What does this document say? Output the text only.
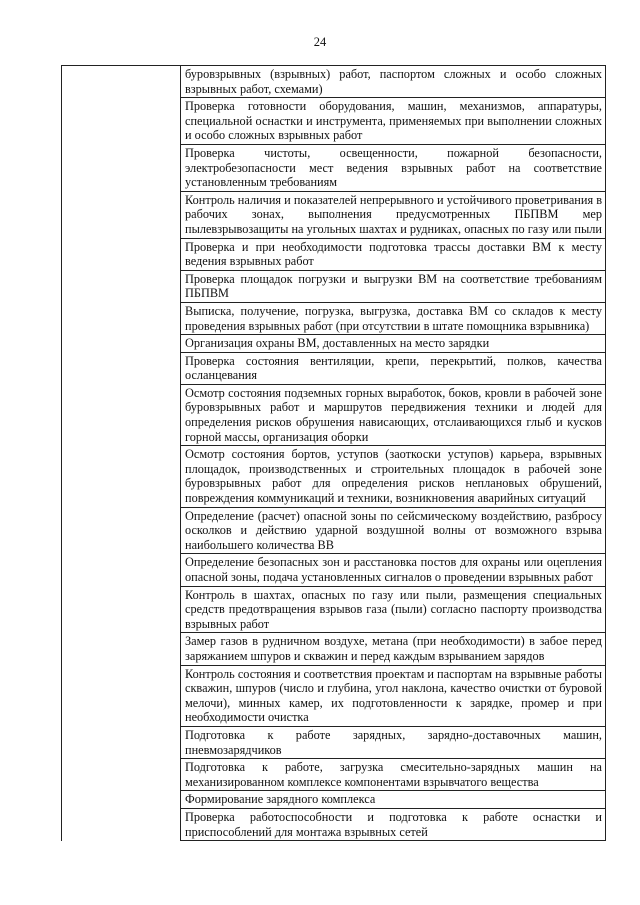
24
буровзрывных (взрывных) работ, паспортом сложных и особо сложных взрывных работ, схемами)
Проверка готовности оборудования, машин, механизмов, аппаратуры, специальной оснастки и инструмента, применяемых при выполнении сложных и особо сложных взрывных работ
Проверка чистоты, освещенности, пожарной безопасности, электробезопасности мест ведения взрывных работ на соответствие установленным требованиям
Контроль наличия и показателей непрерывного и устойчивого проветривания в рабочих зонах, выполнения предусмотренных ПБПВМ мер пылевзрывозащиты на угольных шахтах и рудниках, опасных по газу или пыли
Проверка и при необходимости подготовка трассы доставки ВМ к месту ведения взрывных работ
Проверка площадок погрузки и выгрузки ВМ на соответствие требованиям ПБПВМ
Выписка, получение, погрузка, выгрузка, доставка ВМ со складов к месту проведения взрывных работ (при отсутствии в штате помощника взрывника)
Организация охраны ВМ, доставленных на место зарядки
Проверка состояния вентиляции, крепи, перекрытий, полков, качества осланцевания
Осмотр состояния подземных горных выработок, боков, кровли в рабочей зоне буровзрывных работ и маршрутов передвижения техники и людей для определения рисков обрушения нависающих, отслаивающихся глыб и кусков горной массы, организация оборки
Осмотр состояния бортов, уступов (заоткоски уступов) карьера, взрывных площадок, производственных и строительных площадок в рабочей зоне буровзрывных работ для определения рисков неплановых обрушений, повреждения коммуникаций и техники, возникновения аварийных ситуаций
Определение (расчет) опасной зоны по сейсмическому воздействию, разбросу осколков и действию ударной воздушной волны от возможного взрыва наибольшего количества ВВ
Определение безопасных зон и расстановка постов для охраны или оцепления опасной зоны, подача установленных сигналов о проведении взрывных работ
Контроль в шахтах, опасных по газу или пыли, размещения специальных средств предотвращения взрывов газа (пыли) согласно паспорту производства взрывных работ
Замер газов в рудничном воздухе, метана (при необходимости) в забое перед заряжанием шпуров и скважин и перед каждым взрыванием зарядов
Контроль состояния и соответствия проектам и паспортам на взрывные работы скважин, шпуров (число и глубина, угол наклона, качество очистки от буровой мелочи), минных камер, их подготовленности к зарядке, промер и при необходимости очистка
Подготовка к работе зарядных, зарядно-доставочных машин, пневмозарядчиков
Подготовка к работе, загрузка смесительно-зарядных машин на механизированном комплексе компонентами взрывчатого вещества
Формирование зарядного комплекса
Проверка работоспособности и подготовка к работе оснастки и приспособлений для монтажа взрывных сетей
